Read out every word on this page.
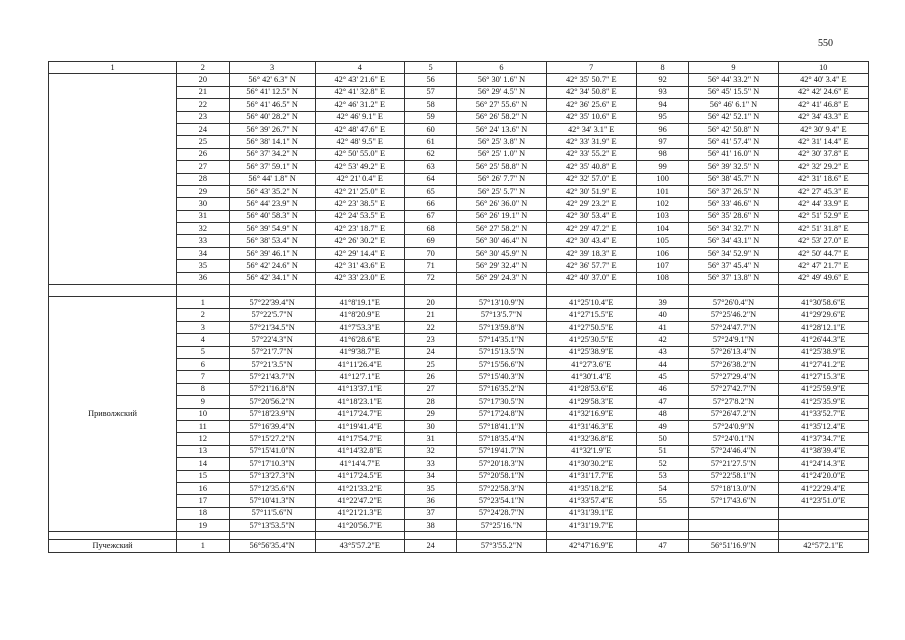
550
1	2	3	4	5	6	7	8	9	10
	20	56° 42' 6.3" N	42° 43' 21.6" E	56	56° 30' 1.6" N	42° 35' 50.7" E	92	56° 44' 33.2" N	42° 40' 3.4" E
	21	56° 41' 12.5" N	42° 41' 32.8" E	57	56° 29' 4.5" N	42° 34' 50.8" E	93	56° 45' 15.5" N	42° 42' 24.6" E
	22	56° 41' 46.5" N	42° 46' 31.2" E	58	56° 27' 55.6" N	42° 36' 25.6" E	94	56° 46' 6.1" N	42° 41' 46.8" E
	23	56° 40' 28.2" N	42° 46' 9.1" E	59	56° 26' 58.2" N	42° 35' 10.6" E	95	56° 42' 52.1" N	42° 34' 43.3" E
	24	56° 39' 26.7" N	42° 48' 47.6" E	60	56° 24' 13.6" N	42° 34' 3.1" E	96	56° 42' 50.8" N	42° 30' 9.4" E
	25	56° 38' 14.1" N	42° 48' 9.5" E	61	56° 25' 3.8" N	42° 33' 31.9" E	97	56° 41' 57.4" N	42° 31' 14.4" E
	26	56° 37' 34.2" N	42° 50' 55.0" E	62	56° 25' 1.0" N	42° 33' 55.2" E	98	56° 41' 16.0" N	42° 30' 37.8" E
	27	56° 37' 59.1" N	42° 53' 49.2" E	63	56° 25' 58.8" N	42° 35' 40.8" E	99	56° 39' 32.5" N	42° 32' 29.2" E
	28	56° 44' 1.8" N	42° 21' 0.4" E	64	56° 26' 7.7" N	42° 32' 57.0" E	100	56° 38' 45.7" N	42° 31' 18.6" E
	29	56° 43' 35.2" N	42° 21' 25.0" E	65	56° 25' 5.7" N	42° 30' 51.9" E	101	56° 37' 26.5" N	42° 27' 45.3" E
	30	56° 44' 23.9" N	42° 23' 38.5" E	66	56° 26' 36.0" N	42° 29' 23.2" E	102	56° 33' 46.6" N	42° 44' 33.9" E
	31	56° 40' 58.3" N	42° 24' 53.5" E	67	56° 26' 19.1" N	42° 30' 53.4" E	103	56° 35' 28.6" N	42° 51' 52.9" E
	32	56° 39' 54.9" N	42° 23' 18.7" E	68	56° 27' 58.2" N	42° 29' 47.2" E	104	56° 34' 32.7" N	42° 51' 31.8" E
	33	56° 38' 53.4" N	42° 26' 30.2" E	69	56° 30' 46.4" N	42° 30' 43.4" E	105	56° 34' 43.1" N	42° 53' 27.0" E
	34	56° 39' 46.1" N	42° 29' 14.4" E	70	56° 30' 45.9" N	42° 39' 18.3" E	106	56° 34' 52.9" N	42° 50' 44.7" E
	35	56° 42' 24.6" N	42° 31' 43.6" E	71	56° 29' 32.4" N	42° 36' 57.7" E	107	56° 37' 45.4" N	42° 47' 21.7" E
	36	56° 42' 34.1" N	42° 33' 23.0" E	72	56° 29' 24.3" N	42° 40' 37.0" E	108	56° 37' 13.8" N	42° 49' 49.6" E

Приволжский	1	57°22'39.4"N	41°8'19.1"E	20	57°13'10.9"N	41°25'10.4"E	39	57°26'0.4"N	41°30'58.6"E
	2	57°22'5.7"N	41°8'20.9"E	21	57°13'5.7"N	41°27'15.5"E	40	57°25'46.2"N	41°29'29.6"E
	3	57°21'34.5"N	41°7'53.3"E	22	57°13'59.8"N	41°27'50.5"E	41	57°24'47.7"N	41°28'12.1"E
	4	57°22'4.3"N	41°6'28.6"E	23	57°14'35.1"N	41°25'30.5"E	42	57°24'9.1"N	41°26'44.3"E
	5	57°21'7.7"N	41°9'38.7"E	24	57°15'13.5"N	41°25'38.9"E	43	57°26'13.4"N	41°25'38.9"E
	6	57°21'3.5"N	41°11'26.4"E	25	57°15'56.6"N	41°27'3.6"E	44	57°26'38.2"N	41°27'41.2"E
	7	57°21'43.7"N	41°12'7.1"E	26	57°15'40.3"N	41°30'1.4"E	45	57°27'29.4"N	41°27'15.3"E
	8	57°21'16.8"N	41°13'37.1"E	27	57°16'35.2"N	41°28'53.6"E	46	57°27'42.7"N	41°25'59.9"E
	9	57°20'56.2"N	41°18'23.1"E	28	57°17'30.5"N	41°29'58.3"E	47	57°27'8.2"N	41°25'35.9"E
	10	57°18'23.9"N	41°17'24.7"E	29	57°17'24.8"N	41°32'16.9"E	48	57°26'47.2"N	41°33'52.7"E
	11	57°16'39.4"N	41°19'41.4"E	30	57°18'41.1"N	41°31'46.3"E	49	57°24'0.9"N	41°35'12.4"E
	12	57°15'27.2"N	41°17'54.7"E	31	57°18'35.4"N	41°32'36.8"E	50	57°24'0.1"N	41°37'34.7"E
	13	57°15'41.0"N	41°14'32.8"E	32	57°19'41.7"N	41°32'1.9"E	51	57°24'46.4"N	41°38'39.4"E
	14	57°17'10.3"N	41°14'4.7"E	33	57°20'18.3"N	41°30'30.2"E	52	57°21'27.5"N	41°24'14.3"E
	15	57°13'27.3"N	41°17'24.5"E	34	57°20'58.1"N	41°31'17.7"E	53	57°22'58.1"N	41°24'20.0"E
	16	57°12'35.6"N	41°21'33.2"E	35	57°22'58.3"N	41°35'18.2"E	54	57°18'13.0"N	41°22'29.4"E
	17	57°10'41.3"N	41°22'47.2"E	36	57°23'54.1"N	41°33'57.4"E	55	57°17'43.6"N	41°23'51.0"E
	18	57°11'5.6"N	41°21'21.3"E	37	57°24'28.7"N	41°31'39.1"E			
	19	57°13'53.5"N	41°20'56.7"E	38	57°25'16."N	41°31'19.7"E			

Пучежский	1	56°56'35.4"N	43°5'57.2"E	24	57°3'55.2"N	42°47'16.9"E	47	56°51'16.9"N	42°57'2.1"E
